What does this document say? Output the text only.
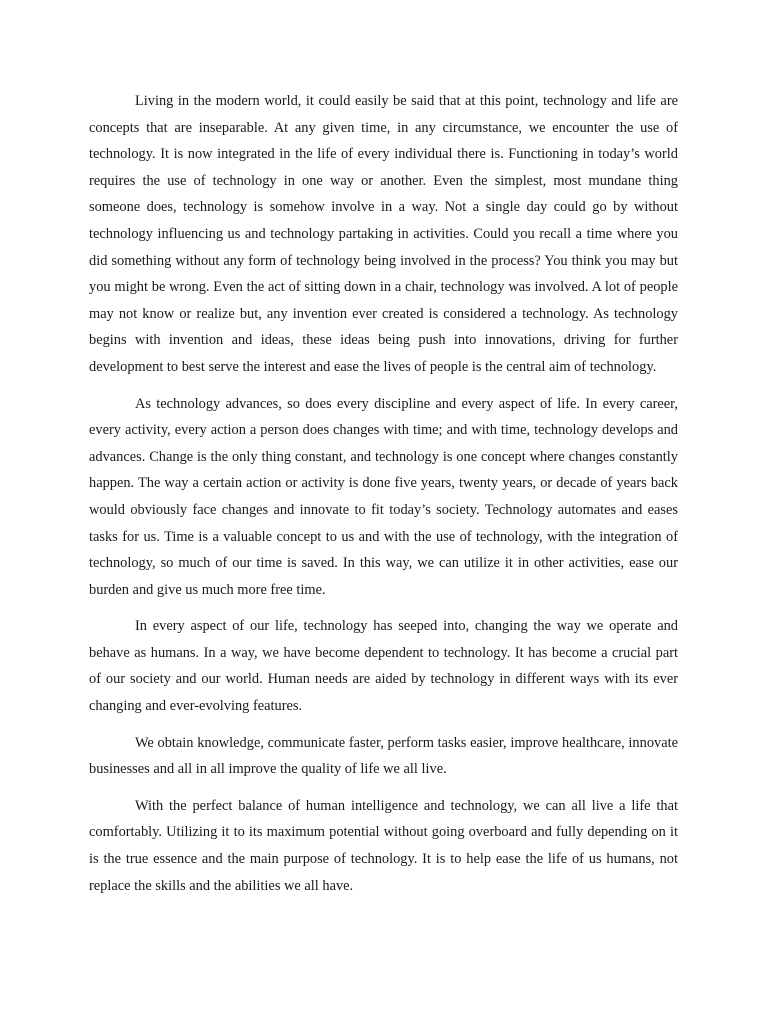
Living in the modern world, it could easily be said that at this point, technology and life are concepts that are inseparable. At any given time, in any circumstance, we encounter the use of technology. It is now integrated in the life of every individual there is. Functioning in today’s world requires the use of technology in one way or another. Even the simplest, most mundane thing someone does, technology is somehow involve in a way. Not a single day could go by without technology influencing us and technology partaking in activities. Could you recall a time where you did something without any form of technology being involved in the process? You think you may but you might be wrong. Even the act of sitting down in a chair, technology was involved. A lot of people may not know or realize but, any invention ever created is considered a technology. As technology begins with invention and ideas, these ideas being push into innovations, driving for further development to best serve the interest and ease the lives of people is the central aim of technology.

As technology advances, so does every discipline and every aspect of life. In every career, every activity, every action a person does changes with time; and with time, technology develops and advances. Change is the only thing constant, and technology is one concept where changes constantly happen. The way a certain action or activity is done five years, twenty years, or decade of years back would obviously face changes and innovate to fit today’s society. Technology automates and eases tasks for us. Time is a valuable concept to us and with the use of technology, with the integration of technology, so much of our time is saved. In this way, we can utilize it in other activities, ease our burden and give us much more free time.

In every aspect of our life, technology has seeped into, changing the way we operate and behave as humans. In a way, we have become dependent to technology. It has become a crucial part of our society and our world. Human needs are aided by technology in different ways with its ever changing and ever-evolving features.

We obtain knowledge, communicate faster, perform tasks easier, improve healthcare, innovate businesses and all in all improve the quality of life we all live.

With the perfect balance of human intelligence and technology, we can all live a life that comfortably. Utilizing it to its maximum potential without going overboard and fully depending on it is the true essence and the main purpose of technology. It is to help ease the life of us humans, not replace the skills and the abilities we all have.
